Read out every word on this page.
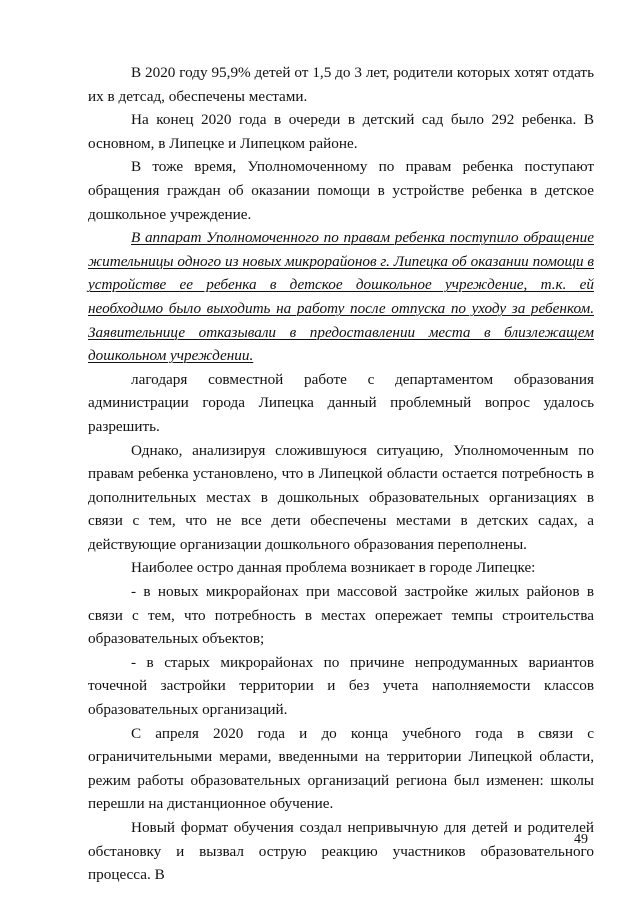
В 2020 году 95,9% детей от 1,5 до 3 лет, родители которых хотят отдать их в детсад, обеспечены местами.

На конец 2020 года в очереди в детский сад было 292 ребенка. В основном, в Липецке и Липецком районе.

В тоже время, Уполномоченному по правам ребенка поступают обращения граждан об оказании помощи в устройстве ребенка в детское дошкольное учреждение.

В аппарат Уполномоченного по правам ребенка поступило обращение жительницы одного из новых микрорайонов г. Липецка об оказании помощи в устройстве ее ребенка в детское дошкольное учреждение, т.к. ей необходимо было выходить на работу после отпуска по уходу за ребенком. Заявительнице отказывали в предоставлении места в близлежащем дошкольном учреждении.

лагодаря совместной работе с департаментом образования администрации города Липецка данный проблемный вопрос удалось разрешить.

Однако, анализируя сложившуюся ситуацию, Уполномоченным по правам ребенка установлено, что в Липецкой области остается потребность в дополнительных местах в дошкольных образовательных организациях в связи с тем, что не все дети обеспечены местами в детских садах, а действующие организации дошкольного образования переполнены.

Наиболее остро данная проблема возникает в городе Липецке:

- в новых микрорайонах при массовой застройке жилых районов в связи с тем, что потребность в местах опережает темпы строительства образовательных объектов;

- в старых микрорайонах по причине непродуманных вариантов точечной застройки территории и без учета наполняемости классов образовательных организаций.

С апреля 2020 года и до конца учебного года в связи с ограничительными мерами, введенными на территории Липецкой области, режим работы образовательных организаций региона был изменен: школы перешли на дистанционное обучение.

Новый формат обучения создал непривычную для детей и родителей обстановку и вызвал острую реакцию участников образовательного процесса. В

49
